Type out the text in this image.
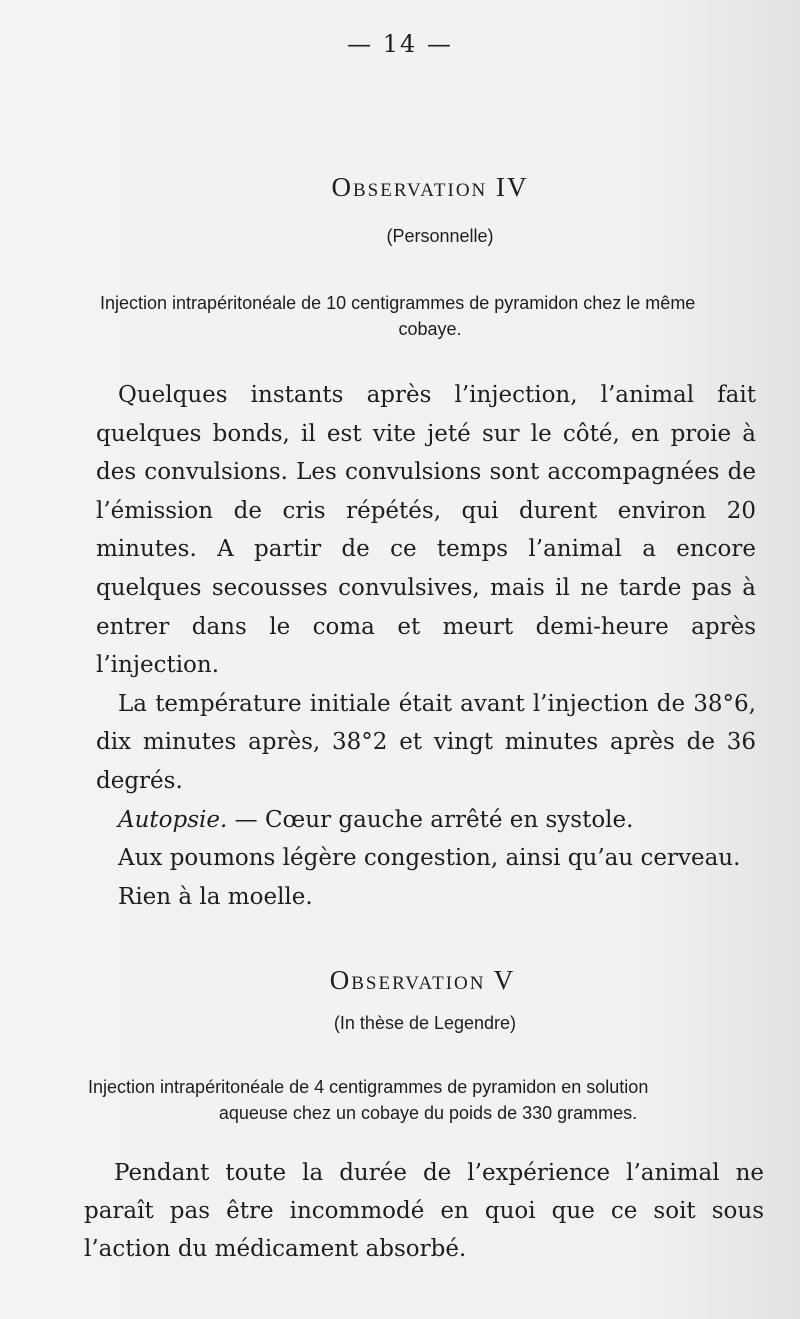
— 14 —
Observation IV
(Personnelle)
Injection intrapéritonéale de 10 centigrammes de pyramidon chez le même
cobaye.

Quelques instants après l’injection, l’animal fait quelques bonds, il est vite jeté sur le côté, en proie à des convulsions. Les convulsions sont accompagnées de l’émission de cris répétés, qui durent environ 20 minutes. A partir de ce temps l’animal a encore quelques secousses convulsives, mais il ne tarde pas à entrer dans le coma et meurt demi-heure après l’injection.

La température initiale était avant l’injection de 38°6, dix minutes après, 38°2 et vingt minutes après de 36 degrés.

Autopsie. — Cœur gauche arrêté en systole.

Aux poumons légère congestion, ainsi qu’au cerveau.

Rien à la moelle.

Observation V
(In thèse de Legendre)
Injection intrapéritonéale de 4 centigrammes de pyramidon en solution
aqueuse chez un cobaye du poids de 330 grammes.

Pendant toute la durée de l’expérience l’animal ne paraît pas être incommodé en quoi que ce soit sous l’action du médicament absorbé.
